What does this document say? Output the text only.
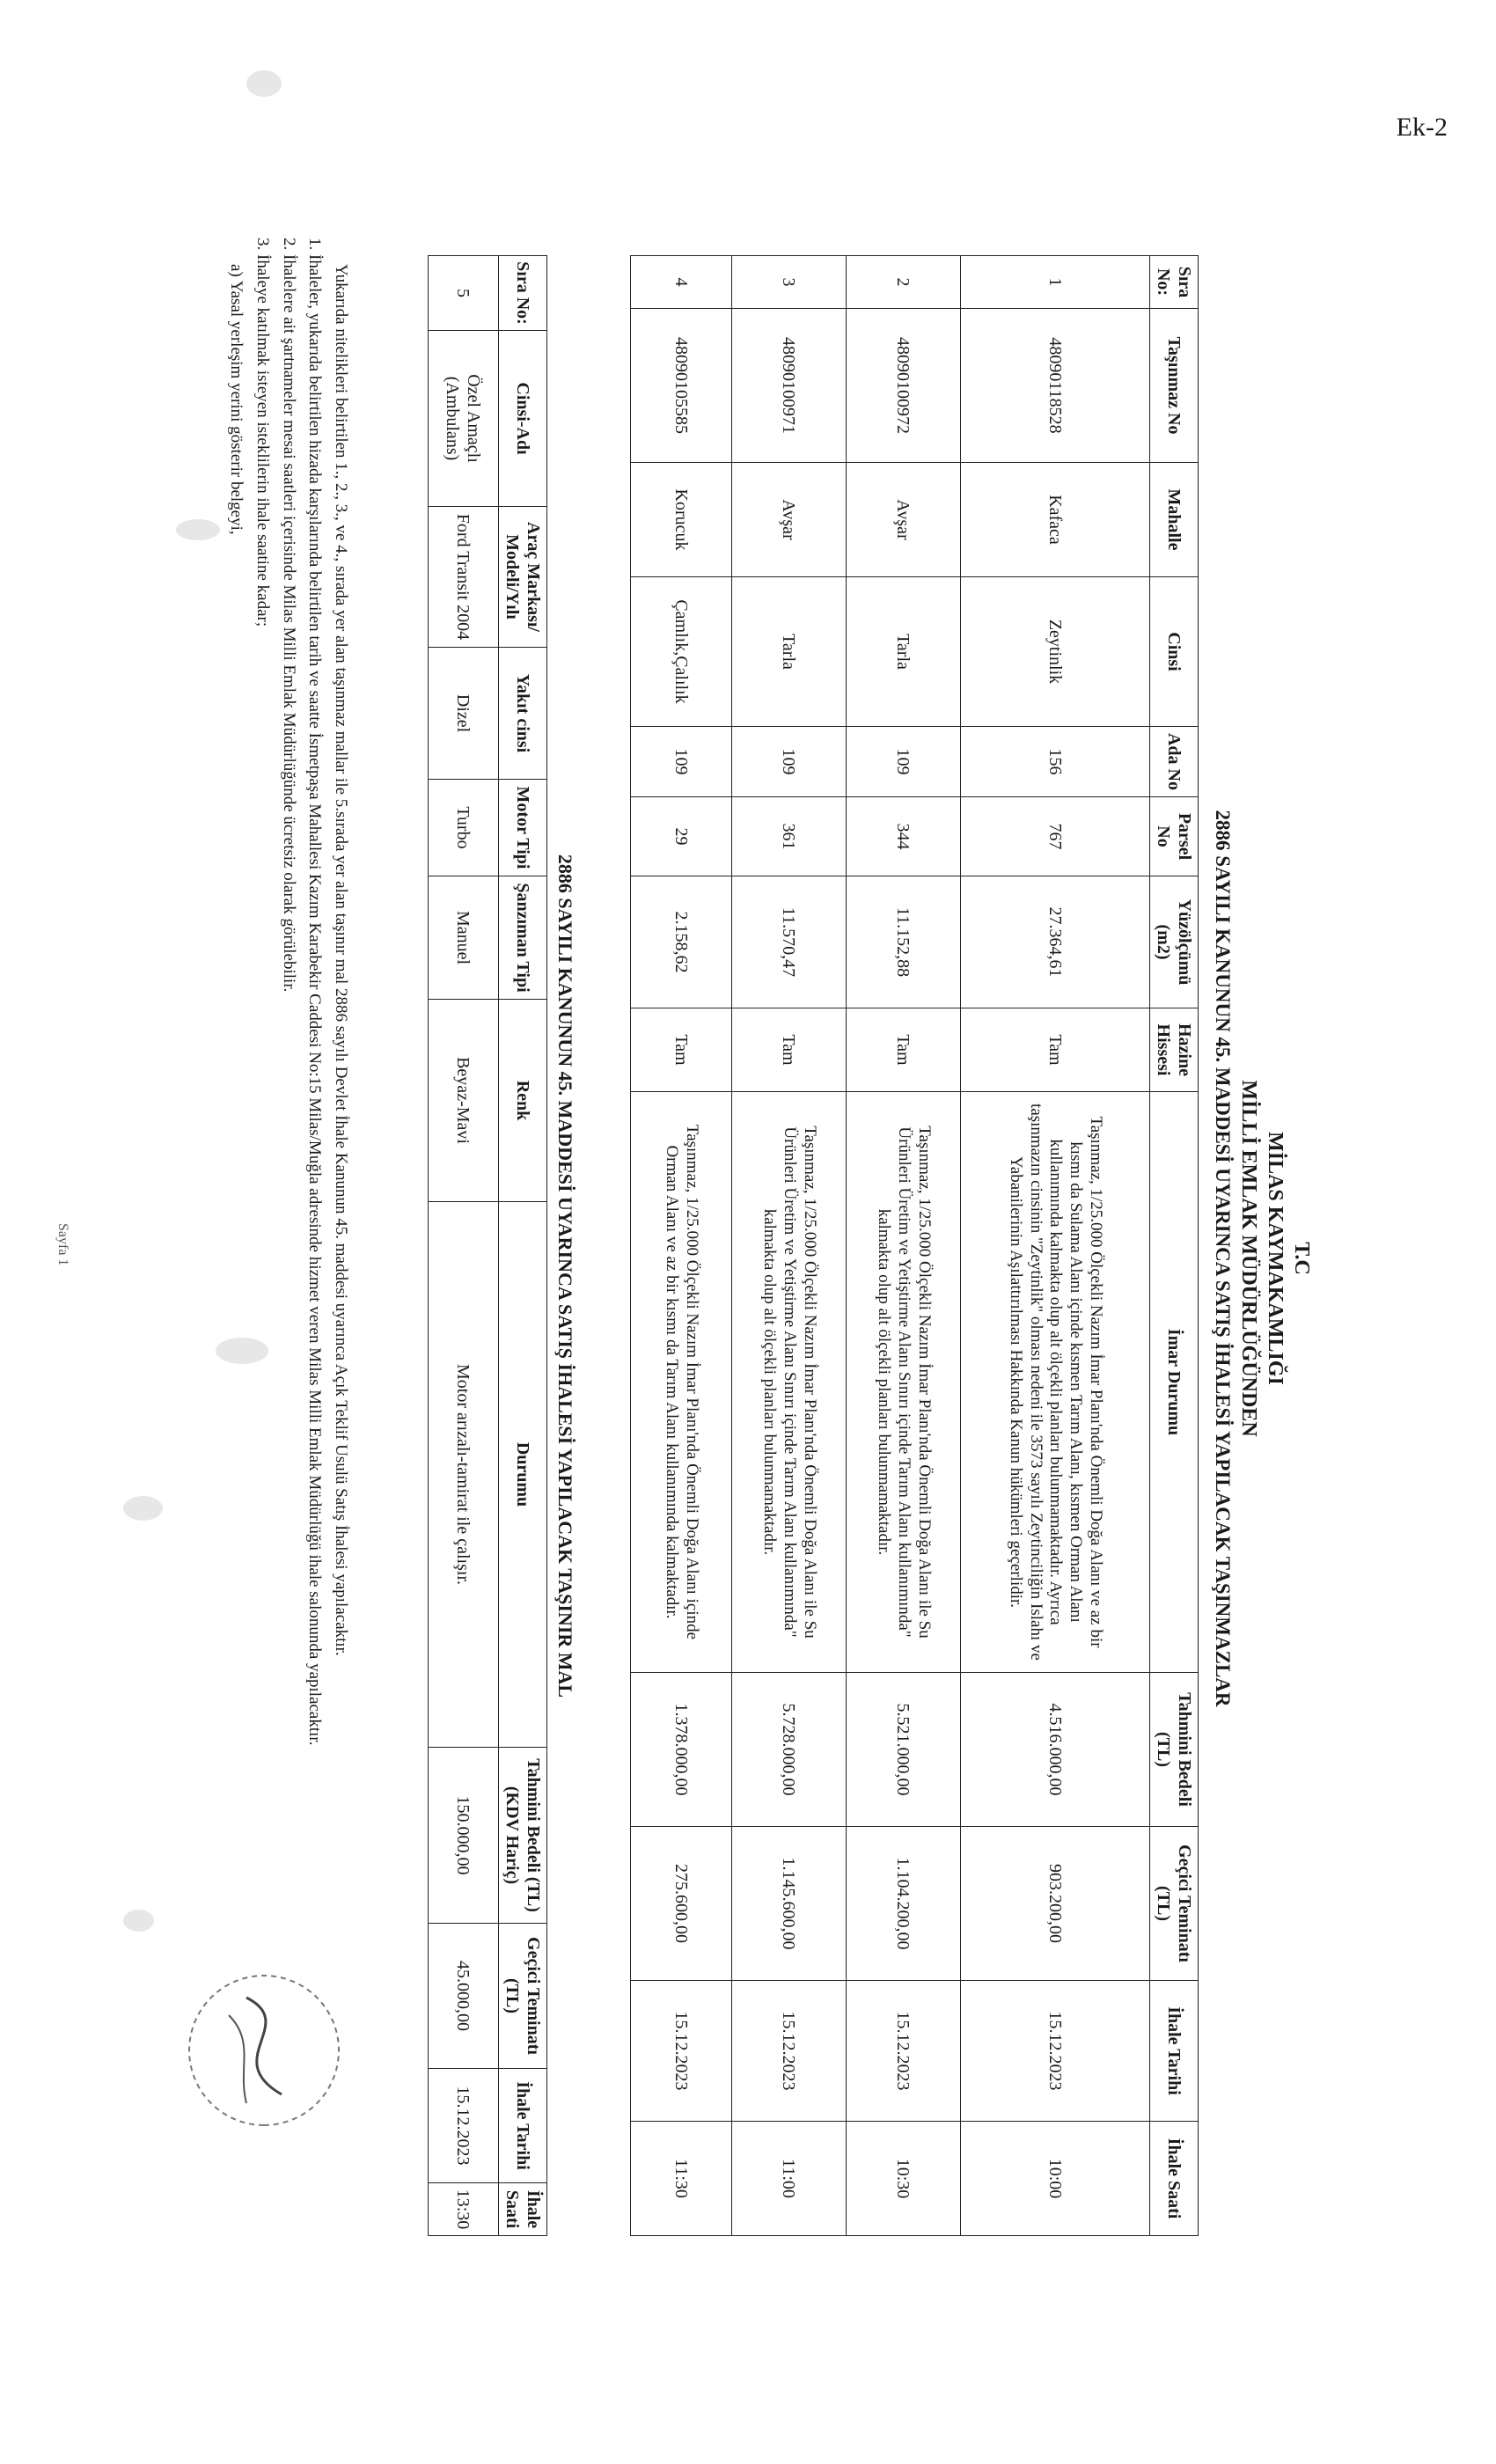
Ek-2
T.C
MİLAS KAYMAKAMLIĞI
MİLLİ EMLAK MÜDÜRLÜĞÜNDEN
2886 SAYILI KANUNUN 45. MADDESİ UYARINCA SATIŞ İHALESİ YAPILACAK TAŞINMAZLAR
Sıra No:	Taşınmaz No	Mahalle	Cinsi	Ada No	Parsel No	Yüzölçümü (m2)	Hazine Hissesi	İmar Durumu	Tahmini Bedeli (TL)	Geçici Teminatı (TL)	İhale Tarihi	İhale Saati
1	48090118528	Kafaca	Zeytinlik	156	767	27.364,61	Tam	Taşınmaz, 1/25.000 Ölçekli Nazım İmar Planı'nda Önemli Doğa Alanı ve az bir kısmı da Sulama Alanı içinde kısmen Tarım Alanı, kısmen Orman Alanı kullanımında kalmakta olup alt ölçekli planları bulunmamaktadır. Ayrıca taşınmazın cinsinin "Zeytinlik" olması nedeni ile 3573 sayılı Zeytinciliğin Islahı ve Yabanilerinin Aşılattırılması Hakkında Kanun hükümleri geçerlidir.	4.516.000,00	903.200,00	15.12.2023	10:00
2	48090100972	Avşar	Tarla	109	344	11.152,88	Tam	Taşınmaz, 1/25.000 Ölçekli Nazım İmar Planı'nda Önemli Doğa Alanı ile Su Ürünleri Üretim ve Yetiştirme Alanı Sınırı içinde Tarım Alanı kullanımında" kalmakta olup alt ölçekli planları bulunmamaktadır.	5.521.000,00	1.104.200,00	15.12.2023	10:30
3	48090100971	Avşar	Tarla	109	361	11.570,47	Tam	Taşınmaz, 1/25.000 Ölçekli Nazım İmar Planı'nda Önemli Doğa Alanı ile Su Ürünleri Üretim ve Yetiştirme Alanı Sınırı içinde Tarım Alanı kullanımında" kalmakta olup alt ölçekli planları bulunmamaktadır.	5.728.000,00	1.145.600,00	15.12.2023	11:00
4	48090105585	Korucuk	Çamlık,Çalılık	109	29	2.158,62	Tam	Taşınmaz, 1/25.000 Ölçekli Nazım İmar Planı'nda Önemli Doğa Alanı içinde Orman Alanı ve az bir kısmı da Tarım Alanı kullanımında kalmaktadır.	1.378.000,00	275.600,00	15.12.2023	11:30
2886 SAYILI KANUNUN 45. MADDESİ UYARINCA SATIŞ İHALESİ YAPILACAK TAŞINIR MAL
Sıra No:	Cinsi-Adı	Araç Markası/ Modeli/Yılı	Yakıt cinsi	Motor Tipi	Şanzıman Tipi	Renk	Durumu	Tahmini Bedeli (TL) (KDV Hariç)	Geçici Teminatı (TL)	İhale Tarihi	İhale Saati
5	Özel Amaçlı (Ambulans)	Ford Transit 2004	Dizel	Turbo	Manuel	Beyaz-Mavi	Motor arızalı-tamirat ile çalışır.	150.000,00	45.000,00	15.12.2023	13:30

Yukarıda nitelikleri belirtilen 1., 2., 3., ve 4., sırada yer alan taşınmaz mallar ile 5.sırada yer alan taşınır mal 2886 sayılı Devlet İhale Kanunun 45. maddesi uyarınca Açık Teklif Usulü Satış İhalesi yapılacaktır.

1. İhaleler, yukarıda belirtilen hizada karşılarında belirtilen tarih ve saatte İsmetpaşa Mahallesi Kazım Karabekir Caddesi No:15 Milas/Muğla adresinde hizmet veren Milas Milli Emlak Müdürlüğü ihale salonunda yapılacaktır.

2. İhalelere ait şartnameler mesai saatleri içerisinde Milas Milli Emlak Müdürlüğünde ücretsiz olarak görülebilir.

3. İhaleye katılmak isteyen isteklilerin ihale saatine kadar;

a) Yasal yerleşim yerini gösterir belgeyi,

Sayfa 1
